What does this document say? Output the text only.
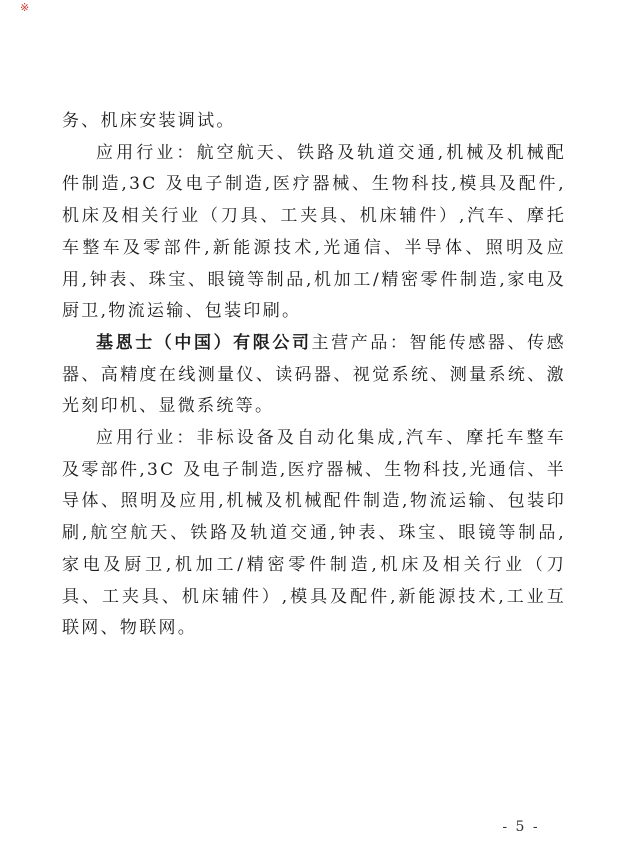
※

务、机床安装调试。

应用行业：航空航天、铁路及轨道交通,机械及机械配件制造,3C 及电子制造,医疗器械、生物科技,模具及配件,机床及相关行业（刀具、工夹具、机床辅件）,汽车、摩托车整车及零部件,新能源技术,光通信、半导体、照明及应用,钟表、珠宝、眼镜等制品,机加工/精密零件制造,家电及厨卫,物流运输、包装印刷。

基恩士（中国）有限公司主营产品：智能传感器、传感器、高精度在线测量仪、读码器、视觉系统、测量系统、激光刻印机、显微系统等。

应用行业：非标设备及自动化集成,汽车、摩托车整车及零部件,3C 及电子制造,医疗器械、生物科技,光通信、半导体、照明及应用,机械及机械配件制造,物流运输、包装印刷,航空航天、铁路及轨道交通,钟表、珠宝、眼镜等制品,家电及厨卫,机加工/精密零件制造,机床及相关行业（刀具、工夹具、机床辅件）,模具及配件,新能源技术,工业互联网、物联网。

- 5 -
